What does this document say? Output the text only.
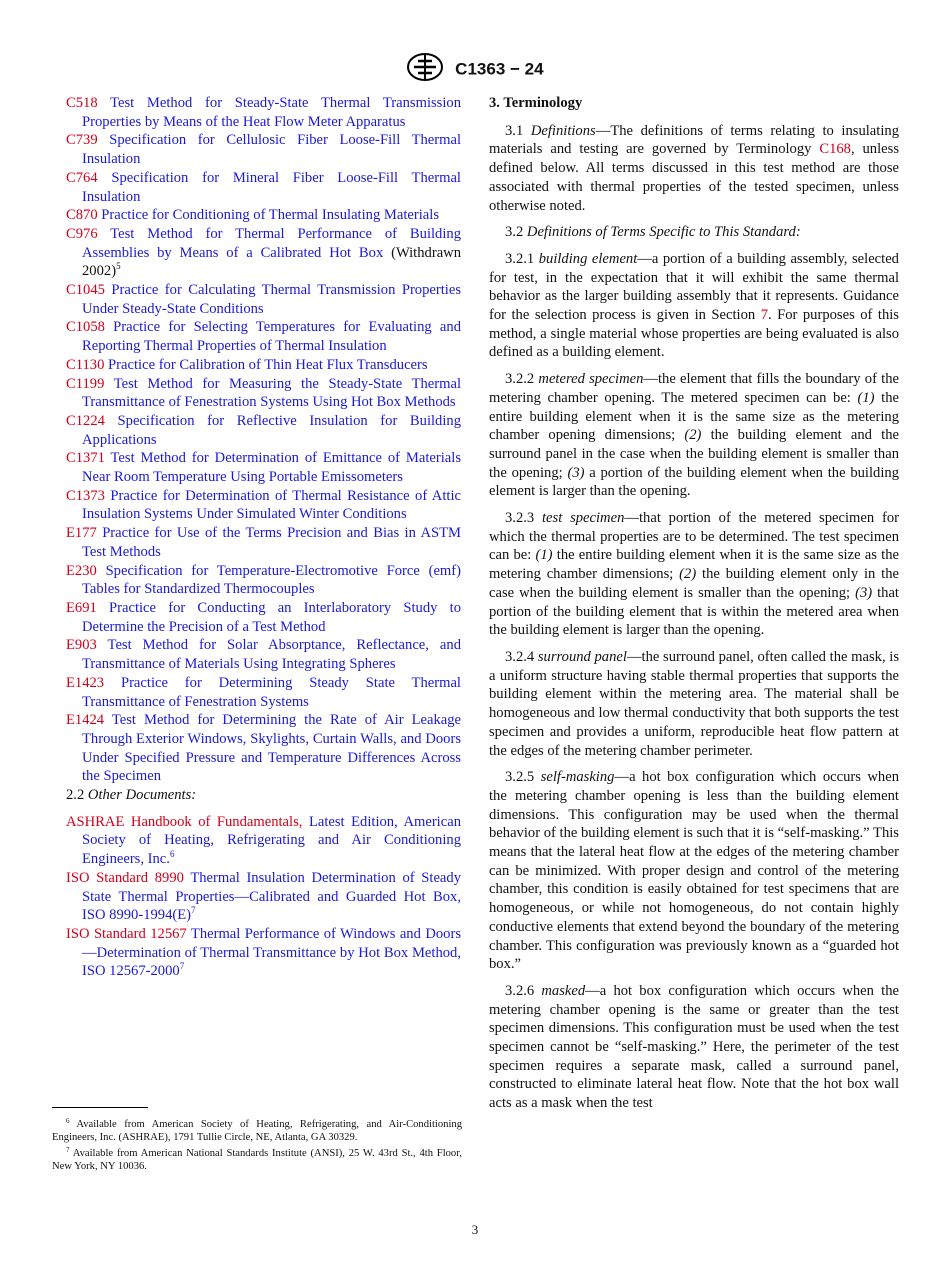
C1363 − 24

C518 Test Method for Steady-State Thermal Transmission Properties by Means of the Heat Flow Meter Apparatus

C739 Specification for Cellulosic Fiber Loose-Fill Thermal Insulation

C764 Specification for Mineral Fiber Loose-Fill Thermal Insulation

C870 Practice for Conditioning of Thermal Insulating Materials

C976 Test Method for Thermal Performance of Building Assemblies by Means of a Calibrated Hot Box (Withdrawn 2002)$^5$

C1045 Practice for Calculating Thermal Transmission Properties Under Steady-State Conditions

C1058 Practice for Selecting Temperatures for Evaluating and Reporting Thermal Properties of Thermal Insulation

C1130 Practice for Calibration of Thin Heat Flux Transducers

C1199 Test Method for Measuring the Steady-State Thermal Transmittance of Fenestration Systems Using Hot Box Methods

C1224 Specification for Reflective Insulation for Building Applications

C1371 Test Method for Determination of Emittance of Materials Near Room Temperature Using Portable Emissometers

C1373 Practice for Determination of Thermal Resistance of Attic Insulation Systems Under Simulated Winter Conditions

E177 Practice for Use of the Terms Precision and Bias in ASTM Test Methods

E230 Specification for Temperature-Electromotive Force (emf) Tables for Standardized Thermocouples

E691 Practice for Conducting an Interlaboratory Study to Determine the Precision of a Test Method

E903 Test Method for Solar Absorptance, Reflectance, and Transmittance of Materials Using Integrating Spheres

E1423 Practice for Determining Steady State Thermal Transmittance of Fenestration Systems

E1424 Test Method for Determining the Rate of Air Leakage Through Exterior Windows, Skylights, Curtain Walls, and Doors Under Specified Pressure and Temperature Differences Across the Specimen

2.2 Other Documents:

ASHRAE Handbook of Fundamentals, Latest Edition, American Society of Heating, Refrigerating and Air Conditioning Engineers, Inc.$^6$

ISO Standard 8990 Thermal Insulation Determination of Steady State Thermal Properties—Calibrated and Guarded Hot Box, ISO $8990-1994(E)^7$

ISO Standard 12567 Thermal Performance of Windows and Doors—Determination of Thermal Transmittance by Hot Box Method, ISO 12567-2000$^7$

$^6$ Available from American Society of Heating, Refrigerating, and Air-Conditioning Engineers, Inc. (ASHRAE), 1791 Tullie Circle, NE, Atlanta, GA 30329.

$^7$ Available from American National Standards Institute (ANSI), 25 W. 43rd St., 4th Floor, New York, NY 10036.

3. Terminology

3.1 Definitions—The definitions of terms relating to insulating materials and testing are governed by Terminology C168, unless defined below. All terms discussed in this test method are those associated with thermal properties of the tested specimen, unless otherwise noted.

3.2 Definitions of Terms Specific to This Standard:

3.2.1 building element—a portion of a building assembly, selected for test, in the expectation that it will exhibit the same thermal behavior as the larger building assembly that it represents. Guidance for the selection process is given in Section 7. For purposes of this method, a single material whose properties are being evaluated is also defined as a building element.

3.2.2 metered specimen—the element that fills the boundary of the metering chamber opening. The metered specimen can be: (1) the entire building element when it is the same size as the metering chamber opening dimensions; (2) the building element and the surround panel in the case when the building element is smaller than the opening; (3) a portion of the building element when the building element is larger than the opening.

3.2.3 test specimen—that portion of the metered specimen for which the thermal properties are to be determined. The test specimen can be: (1) the entire building element when it is the same size as the metering chamber dimensions; (2) the building element only in the case when the building element is smaller than the opening; (3) that portion of the building element that is within the metered area when the building element is larger than the opening.

3.2.4 surround panel—the surround panel, often called the mask, is a uniform structure having stable thermal properties that supports the building element within the metering area. The material shall be homogeneous and low thermal conductivity that both supports the test specimen and provides a uniform, reproducible heat flow pattern at the edges of the metering chamber perimeter.

3.2.5 self-masking—a hot box configuration which occurs when the metering chamber opening is less than the building element dimensions. This configuration may be used when the thermal behavior of the building element is such that it is “self-masking.” This means that the lateral heat flow at the edges of the metering chamber can be minimized. With proper design and control of the metering chamber, this condition is easily obtained for test specimens that are homogeneous, or while not homogeneous, do not contain highly conductive elements that extend beyond the boundary of the metering chamber. This configuration was previously known as a “guarded hot box.”

3.2.6 masked—a hot box configuration which occurs when the metering chamber opening is the same or greater than the test specimen dimensions. This configuration must be used when the test specimen cannot be “self-masking.” Here, the perimeter of the test specimen requires a separate mask, called a surround panel, constructed to eliminate lateral heat flow. Note that the hot box wall acts as a mask when the test

3
